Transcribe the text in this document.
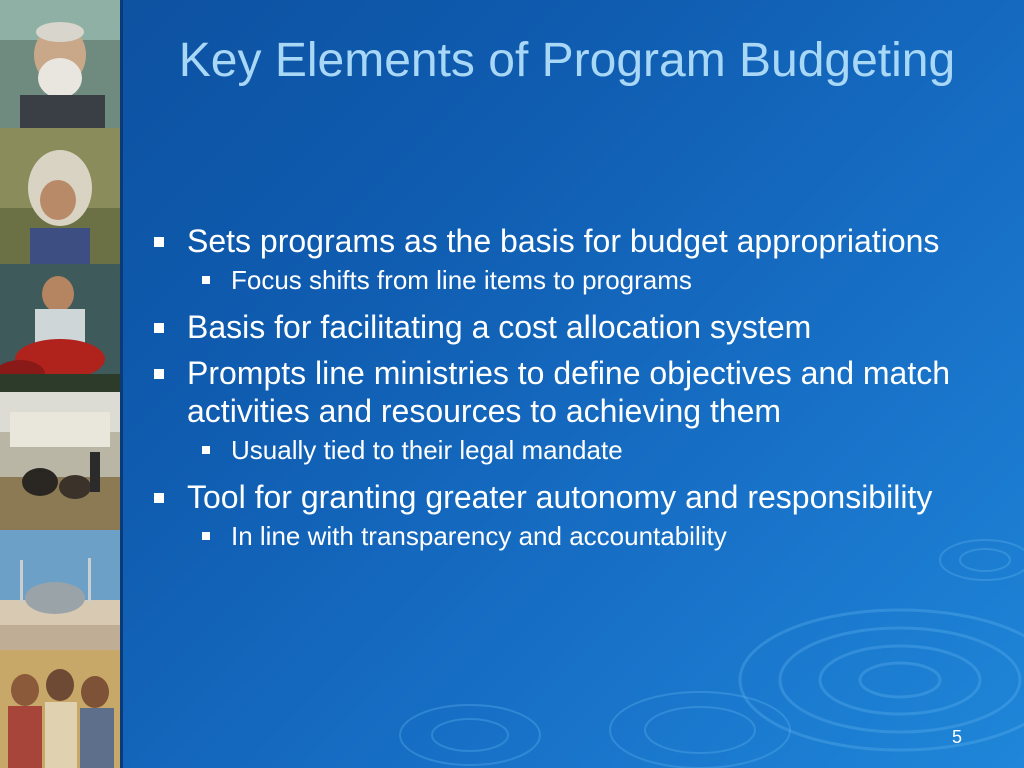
Key Elements of Program Budgeting
Sets programs as the basis for budget appropriations
Focus shifts from line items to programs
Basis for facilitating a cost allocation system
Prompts line ministries to define objectives and match activities and resources to achieving them
Usually tied to their legal mandate
Tool for granting greater autonomy and responsibility
In line with transparency and accountability
5
